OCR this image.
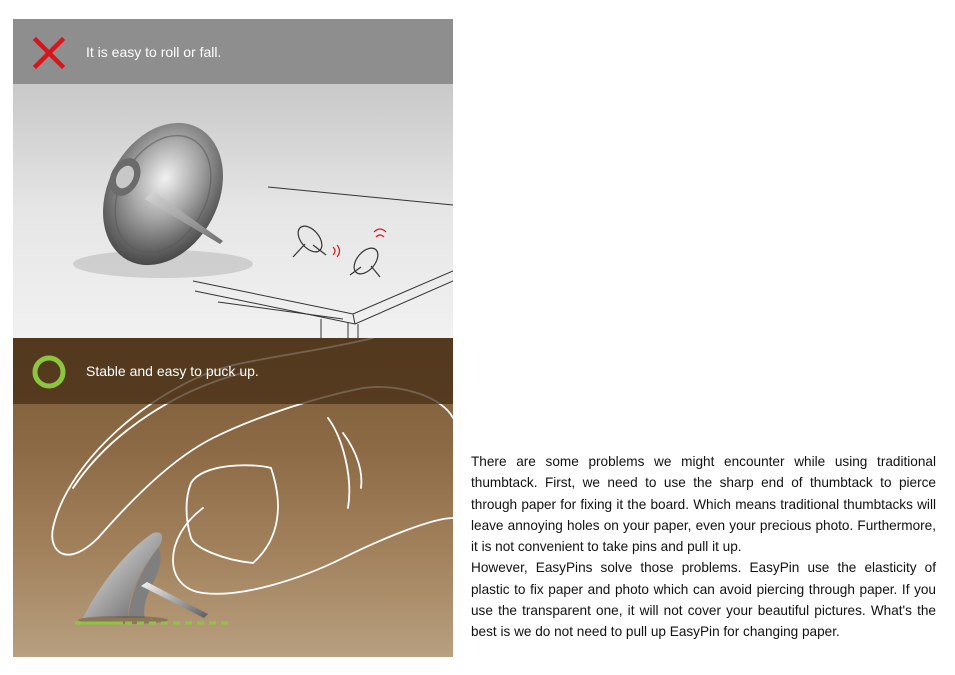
It is easy to roll or fall.
Stable and easy to puck up.

There are some problems we might encounter while using traditional thumbtack. First, we need to use the sharp end of thumbtack to pierce through paper for fixing it the board. Which means traditional thumbtacks will leave annoying holes on your paper, even your precious photo. Furthermore, it is not convenient to take pins and pull it up.

However, EasyPins solve those problems. EasyPin use the elasticity of plastic to fix paper and photo which can avoid piercing through paper. If you use the transparent one, it will not cover your beautiful pictures. What's the best is we do not need to pull up EasyPin for changing paper.
